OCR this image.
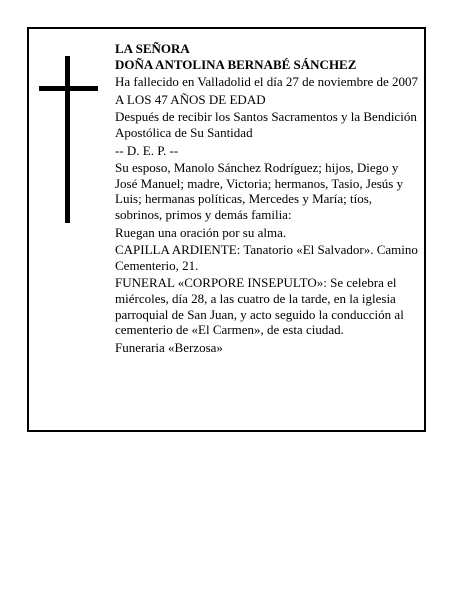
LA SEÑORA

DOÑA ANTOLINA BERNABÉ SÁNCHEZ

Ha fallecido en Valladolid el día 27 de noviembre de 2007

A LOS 47 AÑOS DE EDAD

Después de recibir los Santos Sacramentos y la Bendición Apostólica de Su Santidad

-- D. E. P. --

Su esposo, Manolo Sánchez Rodríguez; hijos, Diego y José Manuel; madre, Victoria; hermanos, Tasio, Jesús y Luis; hermanas políticas, Mercedes y María; tíos, sobrinos, primos y demás familia:

Ruegan una oración por su alma.

CAPILLA ARDIENTE: Tanatorio «El Salvador». Camino Cementerio, 21.

FUNERAL «CORPORE INSEPULTO»: Se celebra el miércoles, día 28, a las cuatro de la tarde, en la iglesia parroquial de San Juan, y acto seguido la conducción al cementerio de «El Carmen», de esta ciudad.

Funeraria «Berzosa»
